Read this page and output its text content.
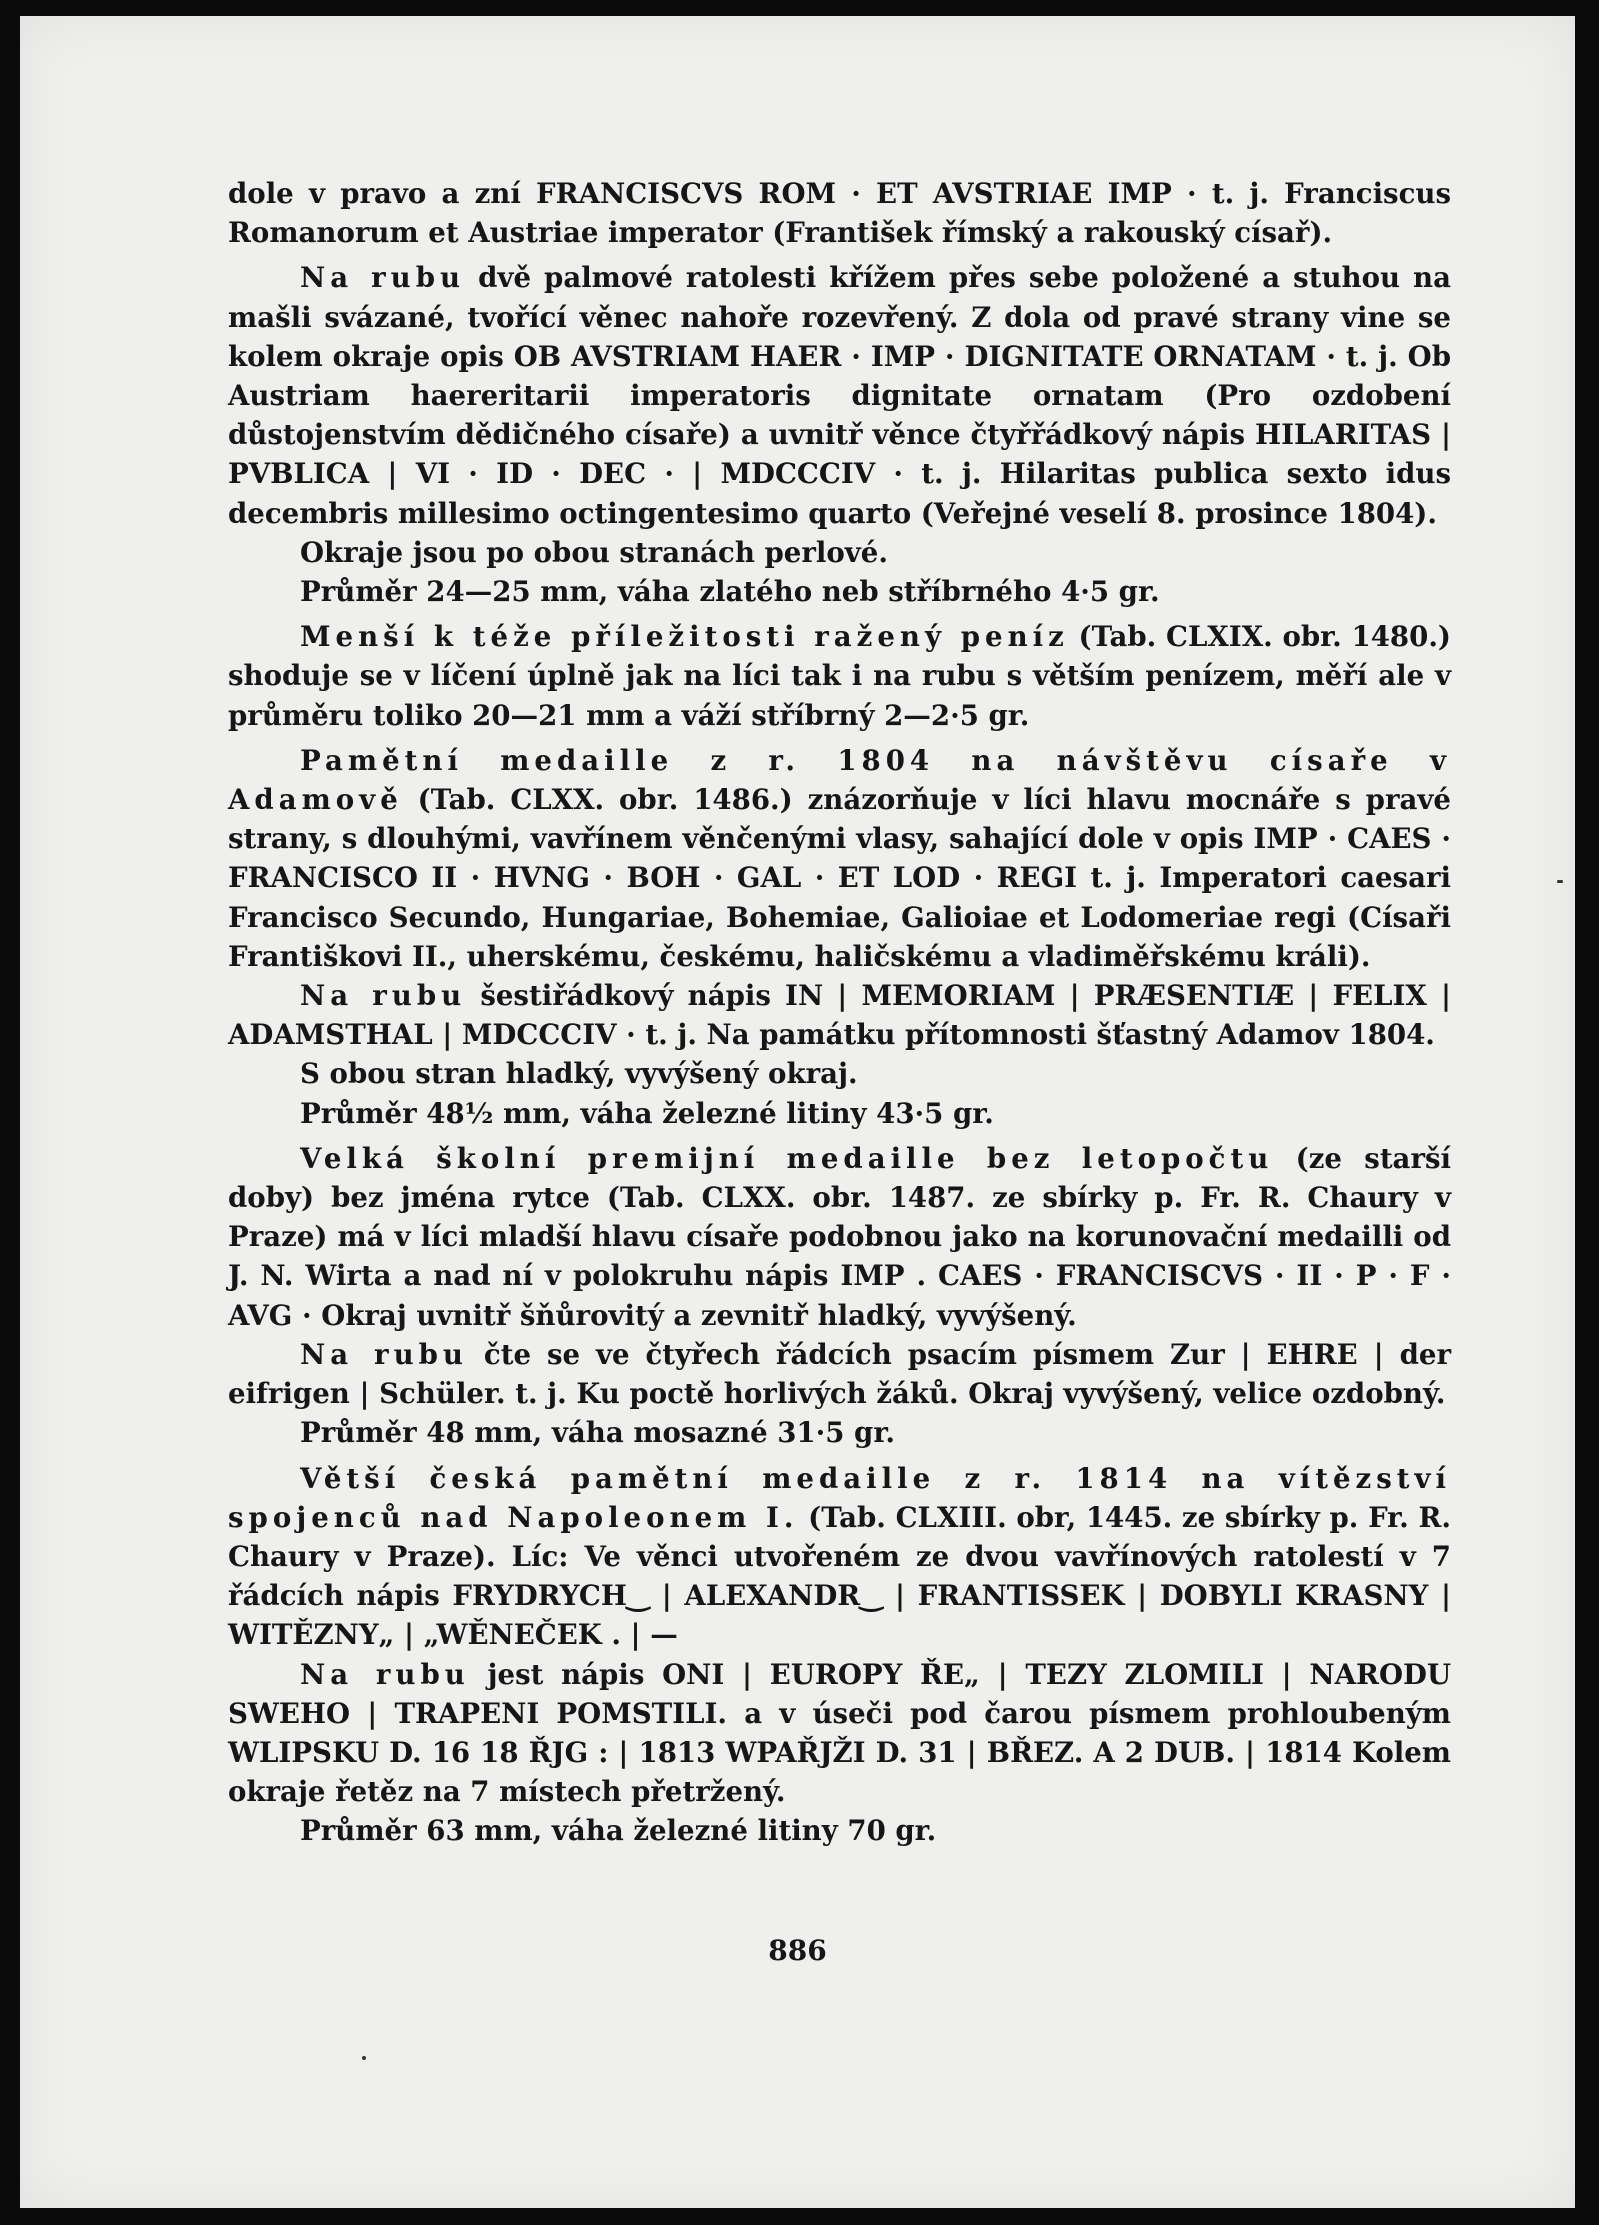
dole v pravo a zní FRANCISCVS ROM · ET AVSTRIAE IMP · t. j. Franciscus Romanorum et Austriae imperator (František římský a rakouský císař).

Na rubu dvě palmové ratolesti křížem přes sebe položené a stuhou na mašli svázané, tvořící věnec nahoře rozevřený. Z dola od pravé strany vine se kolem okraje opis OB AVSTRIAM HAER · IMP · DIGNITATE ORNATAM · t. j. Ob Austriam haereritarii imperatoris dignitate ornatam (Pro ozdobení důstojenstvím dědičného císaře) a uvnitř věnce čtyřřádkový nápis HILARITAS | PVBLICA | VI · ID · DEC · | MDCCCIV · t. j. Hilaritas publica sexto idus decembris millesimo octingentesimo quarto (Veřejné veselí 8. prosince 1804).

Okraje jsou po obou stranách perlové.

Průměr 24—25 mm, váha zlatého neb stříbrného 4·5 gr.

Menší k téže příležitosti ražený peníz (Tab. CLXIX. obr. 1480.) shoduje se v líčení úplně jak na líci tak i na rubu s větším penízem, měří ale v průměru toliko 20—21 mm a váží stříbrný 2—2·5 gr.

Pamětní medaille z r. 1804 na návštěvu císaře v Adamově (Tab. CLXX. obr. 1486.) znázorňuje v líci hlavu mocnáře s pravé strany, s dlouhými, vavřínem věnčenými vlasy, sahající dole v opis IMP · CAES · FRANCISCO II · HVNG · BOH · GAL · ET LOD · REGI t. j. Imperatori caesari Francisco Secundo, Hungariae, Bohemiae, Galioiae et Lodomeriae regi (Císaři Františkovi II., uherskému, českému, haličskému a vladiměřskému králi).

Na rubu šestiřádkový nápis IN | MEMORIAM | PRÆSENTIÆ | FELIX | ADAMSTHAL | MDCCCIV · t. j. Na památku přítomnosti šťastný Adamov 1804.

S obou stran hladký, vyvýšený okraj.

Průměr 48½ mm, váha železné litiny 43·5 gr.

Velká školní premijní medaille bez letopočtu (ze starší doby) bez jména rytce (Tab. CLXX. obr. 1487. ze sbírky p. Fr. R. Chaury v Praze) má v líci mladší hlavu císaře podobnou jako na korunovační medailli od J. N. Wirta a nad ní v polokruhu nápis IMP . CAES · FRANCISCVS · II · P · F · AVG · Okraj uvnitř šňůrovitý a zevnitř hladký, vyvýšený.

Na rubu čte se ve čtyřech řádcích psacím písmem Zur | EHRE | der eifrigen | Schüler. t. j. Ku poctě horlivých žáků. Okraj vyvýšený, velice ozdobný.

Průměr 48 mm, váha mosazné 31·5 gr.

Větší česká pamětní medaille z r. 1814 na vítězství spojenců nad Napoleonem I. (Tab. CLXIII. obr, 1445. ze sbírky p. Fr. R. Chaury v Praze). Líc: Ve věnci utvořeném ze dvou vavřínových ratolestí v 7 řádcích nápis FRYDRYCH‿ | ALEXANDR‿ | FRANTISSEK | DOBYLI KRASNY | WITĚZNY„ | „WĚNEČEK . | —

Na rubu jest nápis ONI | EUROPY ŘE„ | TEZY ZLOMILI | NARODU SWEHO | TRAPENI POMSTILI. a v úseči pod čarou písmem prohloubeným WLIPSKU D. 16 18 ŘJG : | 1813 WPAŘJŽI D. 31 | BŘEZ. A 2 DUB. | 1814 Kolem okraje řetěz na 7 místech přetržený.

Průměr 63 mm, váha železné litiny 70 gr.

886
